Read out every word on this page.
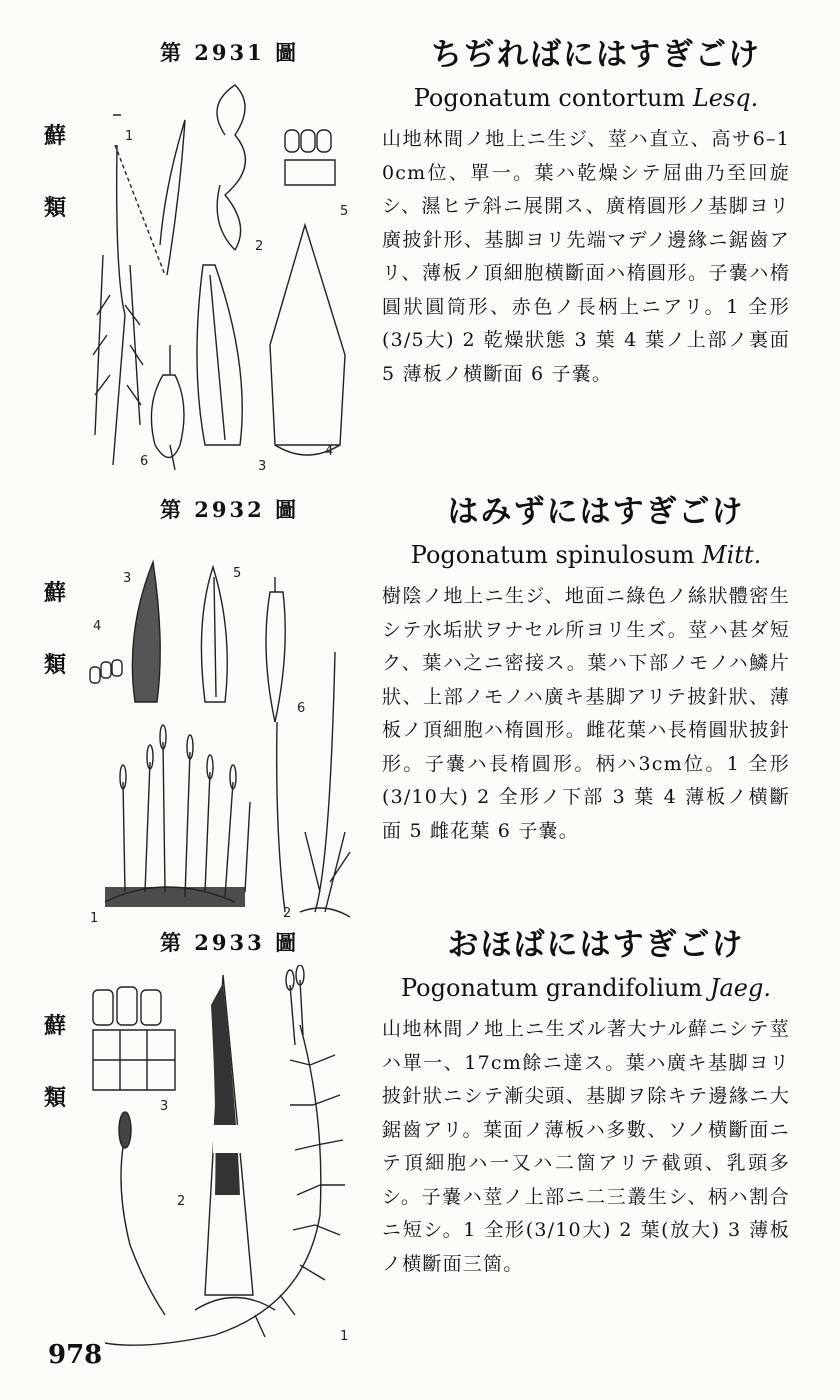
第 2931 圖
蘚
類
1
2
3
4
5
6
ちぢればにはすぎごけ
Pogonatum contortum Lesq.
山地林間ノ地上ニ生ジ、莖ハ直立、高サ6–10cm位、單一。葉ハ乾燥シテ屈曲乃至回旋シ、濕ヒテ斜ニ展開ス、廣楕圓形ノ基脚ヨリ廣披針形、基脚ヨリ先端マデノ邊緣ニ鋸齒アリ、薄板ノ頂細胞横斷面ハ楕圓形。子嚢ハ楕圓狀圓筒形、赤色ノ長柄上ニアリ。1 全形(3/5大) 2 乾燥狀態 3 葉 4 葉ノ上部ノ裏面 5 薄板ノ横斷面 6 子嚢。
第 2932 圖
蘚
類
3	5
6
4
1	2
はみずにはすぎごけ
Pogonatum spinulosum Mitt.
樹陰ノ地上ニ生ジ、地面ニ綠色ノ絲狀體密生シテ水垢狀ヲナセル所ヨリ生ズ。莖ハ甚ダ短ク、葉ハ之ニ密接ス。葉ハ下部ノモノハ鱗片狀、上部ノモノハ廣キ基脚アリテ披針狀、薄板ノ頂細胞ハ楕圓形。雌花葉ハ長楕圓狀披針形。子嚢ハ長楕圓形。柄ハ3cm位。1 全形(3/10大) 2 全形ノ下部 3 葉 4 薄板ノ横斷面 5 雌花葉 6 子嚢。
第 2933 圖
蘚
類	3
2
1
おほばにはすぎごけ
Pogonatum grandifolium Jaeg.
山地林間ノ地上ニ生ズル著大ナル蘚ニシテ莖ハ單一、17cm餘ニ達ス。葉ハ廣キ基脚ヨリ披針狀ニシテ漸尖頭、基脚ヲ除キテ邊緣ニ大鋸齒アリ。葉面ノ薄板ハ多數、ソノ横斷面ニテ頂細胞ハ一又ハ二箇アリテ截頭、乳頭多シ。子嚢ハ莖ノ上部ニ二三叢生シ、柄ハ割合ニ短シ。1 全形(3/10大) 2 葉(放大) 3 薄板ノ横斷面三箇。
978
